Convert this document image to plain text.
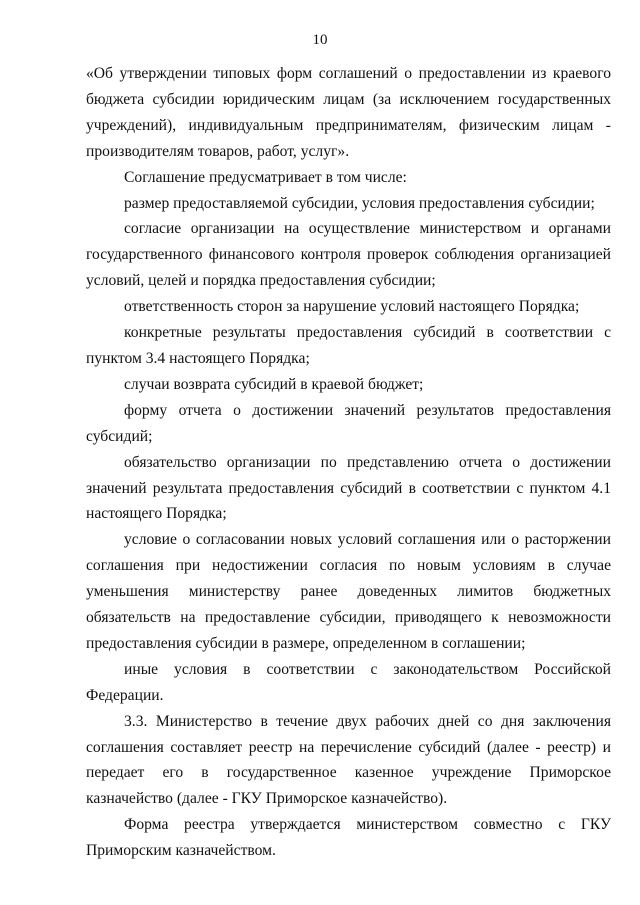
10

«Об утверждении типовых форм соглашений о предоставлении из краевого бюджета субсидии юридическим лицам (за исключением государственных учреждений), индивидуальным предпринимателям, физическим лицам - производителям товаров, работ, услуг».

Соглашение предусматривает в том числе:

размер предоставляемой субсидии, условия предоставления субсидии;

согласие организации на осуществление министерством и органами государственного финансового контроля проверок соблюдения организацией условий, целей и порядка предоставления субсидии;

ответственность сторон за нарушение условий настоящего Порядка;

конкретные результаты предоставления субсидий в соответствии с пунктом 3.4 настоящего Порядка;

случаи возврата субсидий в краевой бюджет;

форму отчета о достижении значений результатов предоставления субсидий;

обязательство организации по представлению отчета о достижении значений результата предоставления субсидий в соответствии с пунктом 4.1 настоящего Порядка;

условие о согласовании новых условий соглашения или о расторжении соглашения при недостижении согласия по новым условиям в случае уменьшения министерству ранее доведенных лимитов бюджетных обязательств на предоставление субсидии, приводящего к невозможности предоставления субсидии в размере, определенном в соглашении;

иные условия в соответствии с законодательством Российской Федерации.

3.3. Министерство в течение двух рабочих дней со дня заключения соглашения составляет реестр на перечисление субсидий (далее - реестр) и передает его в государственное казенное учреждение Приморское казначейство (далее - ГКУ Приморское казначейство).

Форма реестра утверждается министерством совместно с ГКУ Приморским казначейством.
